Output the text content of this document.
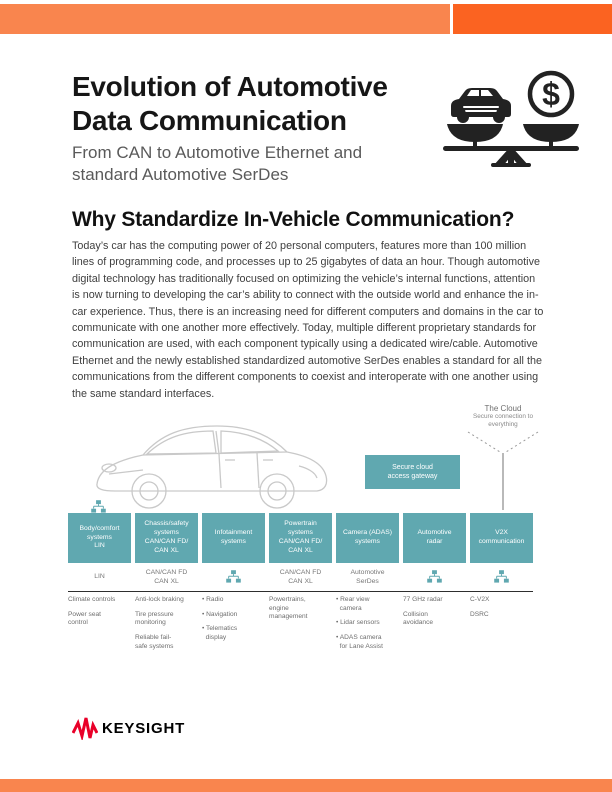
Evolution of Automotive
Data Communication
From CAN to Automotive Ethernet and
standard Automotive SerDes
$
Why Standardize In-Vehicle Communication?

Today’s car has the computing power of 20 personal computers, features more than 100 million lines of programming code, and processes up to 25 gigabytes of data an hour. Though automotive digital technology has traditionally focused on optimizing the vehicle’s internal functions, attention is now turning to developing the car’s ability to connect with the outside world and enhance the in-car experience. Thus, there is an increasing need for different computers and domains in the car to communicate with one another more effectively. Today, multiple different proprietary standards for communication are used, with each component typically using a dedicated wire/cable. Automotive Ethernet and the newly established standardized automotive SerDes enables a standard for all the communications from the different components to coexist and interoperate with one another using the same standard interfaces.

The Cloud
Secure connection to
everything
Secure cloud
access gateway
Body/comfort
systems
LIN
Chassis/safety
systems
CAN/CAN FD/
CAN XL
Infotainment
systems
Powertrain
systems
CAN/CAN FD/
CAN XL
Camera (ADAS)
systems
Automotive
radar
V2X
communication
LIN
CAN/CAN FD
CAN XL
CAN/CAN FD
CAN XL
Automotive
SerDes
Climate controls
Power seat
control
Anti-lock braking
Tire pressure
monitoring
Reliable fail-
safe systems
• Radio
• Navigation
• Telematics
display
Powertrains,
engine
management
• Rear view
camera
• Lidar sensors
• ADAS camera
for Lane Assist
77 GHz radar
Collision
avoidance
C-V2X
DSRC
KEYSIGHT
